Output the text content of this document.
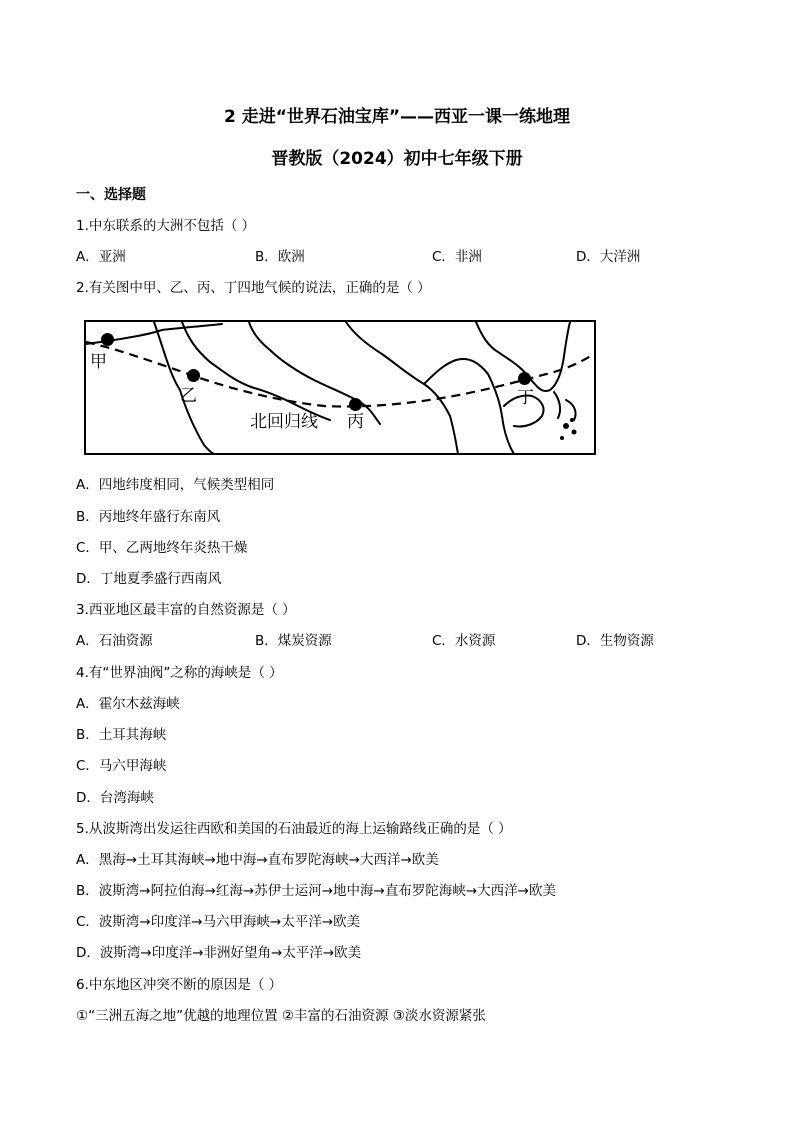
2 走进“世界石油宝库”——西亚一课一练地理
晋教版（2024）初中七年级下册
一、选择题
1.中东联系的大洲不包括（ ）
A．亚洲	B．欧洲	C．非洲	D．大洋洲
2.有关图中甲、乙、丙、丁四地气候的说法，正确的是（ ）
甲
乙
丙
丁
北回归线
A．四地纬度相同，气候类型相同
B．丙地终年盛行东南风
C．甲、乙两地终年炎热干燥
D．丁地夏季盛行西南风
3.西亚地区最丰富的自然资源是（ ）
A．石油资源	B．煤炭资源	C．水资源	D．生物资源
4.有“世界油阀”之称的海峡是（ ）
A．霍尔木兹海峡
B．土耳其海峡
C．马六甲海峡
D．台湾海峡
5.从波斯湾出发运往西欧和美国的石油最近的海上运输路线正确的是（ ）
A．黑海→土耳其海峡→地中海→直布罗陀海峡→大西洋→欧美
B．波斯湾→阿拉伯海→红海→苏伊士运河→地中海→直布罗陀海峡→大西洋→欧美
C．波斯湾→印度洋→马六甲海峡→太平洋→欧美
D．波斯湾→印度洋→非洲好望角→太平洋→欧美
6.中东地区冲突不断的原因是（ ）
①“三洲五海之地”优越的地理位置 ②丰富的石油资源 ③淡水资源紧张
